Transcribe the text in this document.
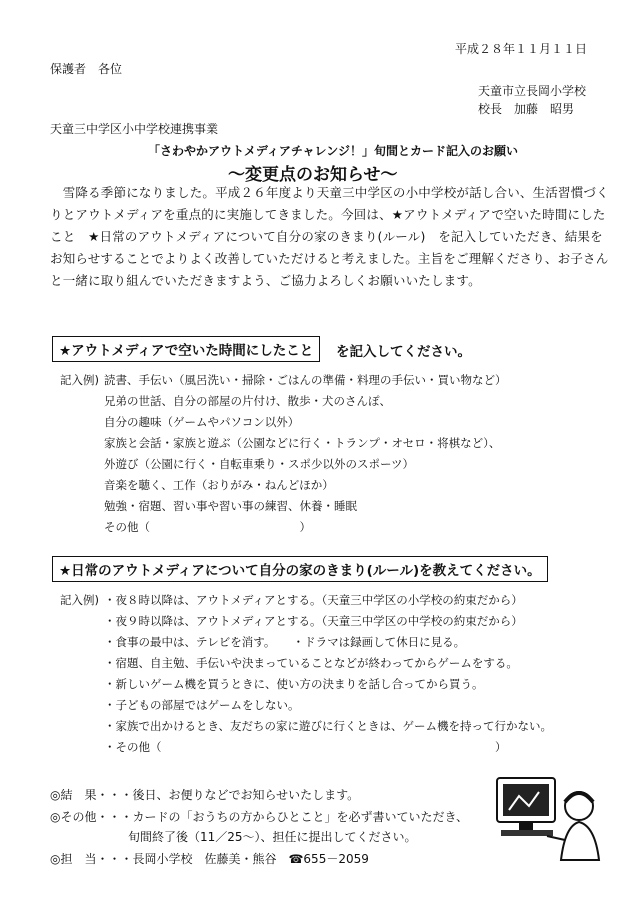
平成２８年１１月１１日
保護者　各位
天童市立長岡小学校
校長　加藤　昭男
天童三中学区小中学校連携事業
「さわやかアウトメディアチャレンジ！」旬間とカード記入のお願い
～変更点のお知らせ～
　雪降る季節になりました。平成２６年度より天童三中学区の小中学校が話し合い、生活習慣づくりとアウトメディアを重点的に実施してきました。今回は、★アウトメディアで空いた時間にしたこと　★日常のアウトメディアについて自分の家のきまり(ルール)　を記入していただき、結果をお知らせすることでよりよく改善していただけると考えました。主旨をご理解くださり、お子さんと一緒に取り組んでいただきますよう、ご協力よろしくお願いいたします。
★アウトメディアで空いた時間にしたこと	を記入してください。
記入例) 読書、手伝い（風呂洗い・掃除・ごはんの準備・料理の手伝い・買い物など）
兄弟の世話、自分の部屋の片付け、散歩・犬のさんぽ、
自分の趣味（ゲームやパソコン以外）
家族と会話・家族と遊ぶ（公園などに行く・トランプ・オセロ・将棋など）、
外遊び（公園に行く・自転車乗り・スポ少以外のスポーツ）
音楽を聴く、工作（おりがみ・ねんどほか）
勉強・宿題、習い事や習い事の練習、休養・睡眠
その他（　　　　　　　　　　　　　）
★日常のアウトメディアについて自分の家のきまり(ルール)を教えてください。
記入例) ・夜８時以降は、アウトメディアとする。（天童三中学区の小学校の約束だから）
・夜９時以降は、アウトメディアとする。（天童三中学区の中学校の約束だから）
・食事の最中は、テレビを消す。　　・ドラマは録画して休日に見る。
・宿題、自主勉、手伝いや決まっていることなどが終わってからゲームをする。
・新しいゲーム機を買うときに、使い方の決まりを話し合ってから買う。
・子どもの部屋ではゲームをしない。
・家族で出かけるとき、友だちの家に遊びに行くときは、ゲーム機を持って行かない。
・その他（　　　　　　　　　　　　　　　　　　　　　　　　　　　　　）
◎結　果・・・後日、お便りなどでお知らせいたします。
◎その他・・・カードの「おうちの方からひとこと」を必ず書いていただき、
旬間終了後（11／25～）、担任に提出してください。
◎担　当・・・長岡小学校　佐藤美・熊谷　☎655－2059
